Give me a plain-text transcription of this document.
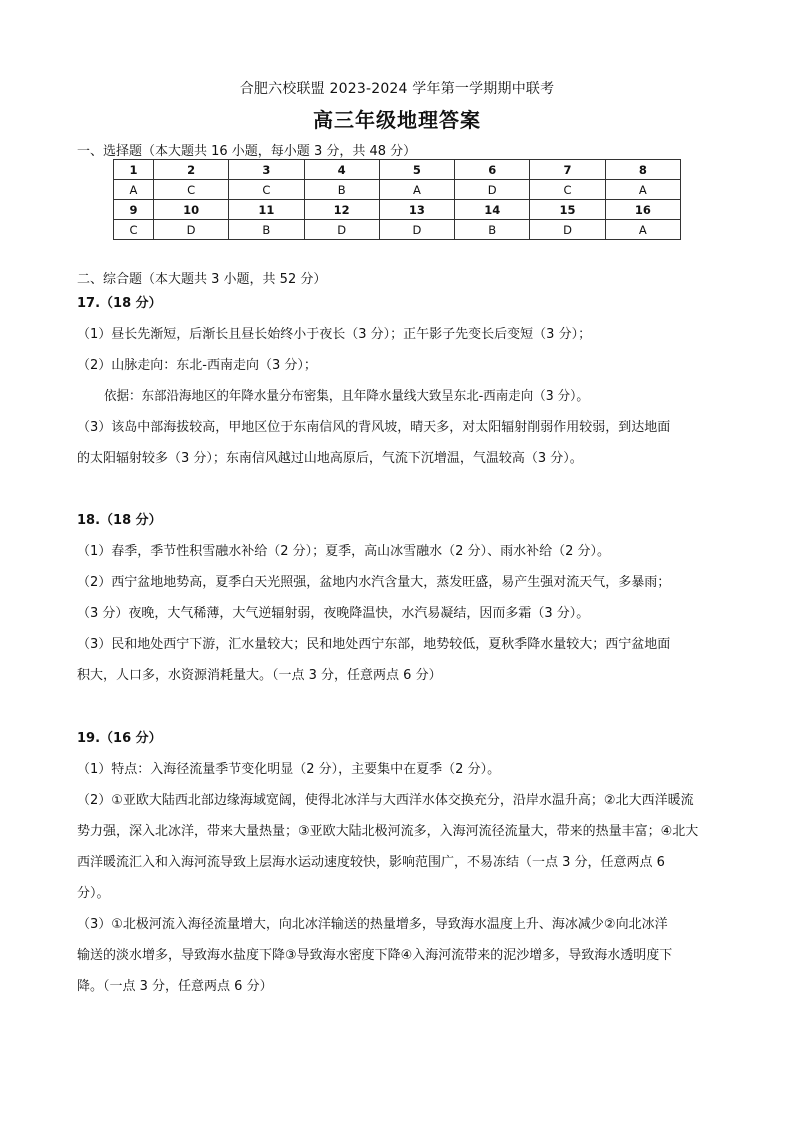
合肥六校联盟 2023-2024 学年第一学期期中联考
高三年级地理答案
一、选择题（本大题共 16 小题，每小题 3 分，共 48 分）
1	2	3	4	5	6	7	8
A	C	C	B	A	D	C	A
9	10	11	12	13	14	15	16
C	D	B	D	D	B	D	A
二、综合题（本大题共 3 小题，共 52 分）
17.（18 分）
（1）昼长先渐短，后渐长且昼长始终小于夜长（3 分）；正午影子先变长后变短（3 分）；
（2）山脉走向：东北-西南走向（3 分）；
依据：东部沿海地区的年降水量分布密集，且年降水量线大致呈东北-西南走向（3 分）。
（3）该岛中部海拔较高，甲地区位于东南信风的背风坡，晴天多，对太阳辐射削弱作用较弱，到达地面
的太阳辐射较多（3 分）；东南信风越过山地高原后，气流下沉增温，气温较高（3 分）。
18.（18 分）
（1）春季，季节性积雪融水补给（2 分）；夏季，高山冰雪融水（2 分）、雨水补给（2 分）。
（2）西宁盆地地势高，夏季白天光照强，盆地内水汽含量大，蒸发旺盛，易产生强对流天气，多暴雨；
（3 分）夜晚，大气稀薄，大气逆辐射弱，夜晚降温快，水汽易凝结，因而多霜（3 分）。
（3）民和地处西宁下游，汇水量较大；民和地处西宁东部，地势较低，夏秋季降水量较大；西宁盆地面
积大，人口多，水资源消耗量大。（一点 3 分，任意两点 6 分）
19.（16 分）
（1）特点：入海径流量季节变化明显（2 分），主要集中在夏季（2 分）。
（2）①亚欧大陆西北部边缘海域宽阔，使得北冰洋与大西洋水体交换充分，沿岸水温升高；②北大西洋暖流
势力强，深入北冰洋，带来大量热量；③亚欧大陆北极河流多，入海河流径流量大，带来的热量丰富；④北大
西洋暖流汇入和入海河流导致上层海水运动速度较快，影响范围广，不易冻结（一点 3 分，任意两点 6
分）。
（3）①北极河流入海径流量增大，向北冰洋输送的热量增多，导致海水温度上升、海冰减少②向北冰洋
输送的淡水增多，导致海水盐度下降③导致海水密度下降④入海河流带来的泥沙增多，导致海水透明度下
降。（一点 3 分，任意两点 6 分）
